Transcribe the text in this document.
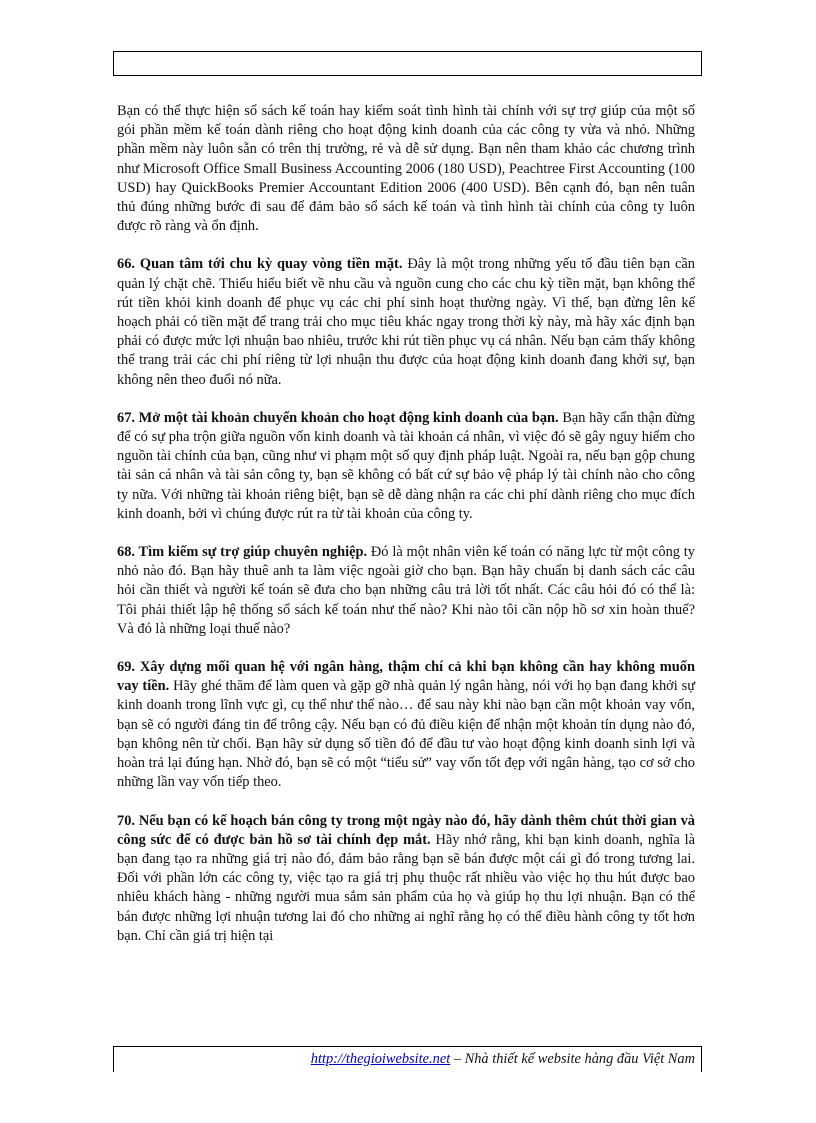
Bạn có thể thực hiện sổ sách kế toán hay kiểm soát tình hình tài chính với sự trợ giúp của một số gói phần mềm kế toán dành riêng cho hoạt động kinh doanh của các công ty vừa và nhỏ. Những phần mềm này luôn sẵn có trên thị trường, rẻ và dễ sử dụng. Bạn nên tham khảo các chương trình như Microsoft Office Small Business Accounting 2006 (180 USD), Peachtree First Accounting (100 USD) hay QuickBooks Premier Accountant Edition 2006 (400 USD). Bên cạnh đó, bạn nên tuân thủ đúng những bước đi sau để đảm bảo sổ sách kế toán và tình hình tài chính của công ty luôn được rõ ràng và ổn định.

66. Quan tâm tới chu kỳ quay vòng tiền mặt. Đây là một trong những yếu tố đầu tiên bạn cần quản lý chặt chẽ. Thiếu hiểu biết về nhu cầu và nguồn cung cho các chu kỳ tiền mặt, bạn không thể rút tiền khỏi kinh doanh để phục vụ các chi phí sinh hoạt thường ngày. Vì thế, bạn đừng lên kế hoạch phải có tiền mặt để trang trải cho mục tiêu khác ngay trong thời kỳ này, mà hãy xác định bạn phải có được mức lợi nhuận bao nhiêu, trước khi rút tiền phục vụ cá nhân. Nếu bạn cảm thấy không thể trang trải các chi phí riêng từ lợi nhuận thu được của hoạt động kinh doanh đang khởi sự, bạn không nên theo đuổi nó nữa.

67. Mở một tài khoản chuyển khoản cho hoạt động kinh doanh của bạn. Bạn hãy cẩn thận đừng để có sự pha trộn giữa nguồn vốn kinh doanh và tài khoản cá nhân, vì việc đó sẽ gây nguy hiểm cho nguồn tài chính của bạn, cũng như vi phạm một số quy định pháp luật. Ngoài ra, nếu bạn gộp chung tài sản cá nhân và tài sản công ty, bạn sẽ không có bất cứ sự bảo vệ pháp lý tài chính nào cho công ty nữa. Với những tài khoản riêng biệt, bạn sẽ dễ dàng nhận ra các chi phí dành riêng cho mục đích kinh doanh, bởi vì chúng được rút ra từ tài khoản của công ty.

68. Tìm kiếm sự trợ giúp chuyên nghiệp. Đó là một nhân viên kế toán có năng lực từ một công ty nhỏ nào đó. Bạn hãy thuê anh ta làm việc ngoài giờ cho bạn. Bạn hãy chuẩn bị danh sách các câu hỏi cần thiết và người kế toán sẽ đưa cho bạn những câu trả lời tốt nhất. Các câu hỏi đó có thể là: Tôi phải thiết lập hệ thống sổ sách kế toán như thế nào? Khi nào tôi cần nộp hồ sơ xin hoàn thuế? Và đó là những loại thuế nào?

69. Xây dựng mối quan hệ với ngân hàng, thậm chí cả khi bạn không cần hay không muốn vay tiền. Hãy ghé thăm để làm quen và gặp gỡ nhà quản lý ngân hàng, nói với họ bạn đang khởi sự kinh doanh trong lĩnh vực gì, cụ thể như thế nào… để sau này khi nào bạn cần một khoản vay vốn, bạn sẽ có người đáng tin để trông cậy. Nếu bạn có đủ điều kiện để nhận một khoản tín dụng nào đó, bạn không nên từ chối. Bạn hãy sử dụng số tiền đó để đầu tư vào hoạt động kinh doanh sinh lợi và hoàn trả lại đúng hạn. Nhờ đó, bạn sẽ có một “tiểu sử” vay vốn tốt đẹp với ngân hàng, tạo cơ sở cho những lần vay vốn tiếp theo.

70. Nếu bạn có kế hoạch bán công ty trong một ngày nào đó, hãy dành thêm chút thời gian và công sức để có được bản hồ sơ tài chính đẹp mắt. Hãy nhớ rằng, khi bạn kinh doanh, nghĩa là bạn đang tạo ra những giá trị nào đó, đảm bảo rằng bạn sẽ bán được một cái gì đó trong tương lai. Đối với phần lớn các công ty, việc tạo ra giá trị phụ thuộc rất nhiều vào việc họ thu hút được bao nhiêu khách hàng - những người mua sắm sản phẩm của họ và giúp họ thu lợi nhuận. Bạn có thể bán được những lợi nhuận tương lai đó cho những ai nghĩ rằng họ có thể điều hành công ty tốt hơn bạn. Chỉ cần giá trị hiện tại

http://thegioiwebsite.net – Nhà thiết kế website hàng đầu Việt Nam
